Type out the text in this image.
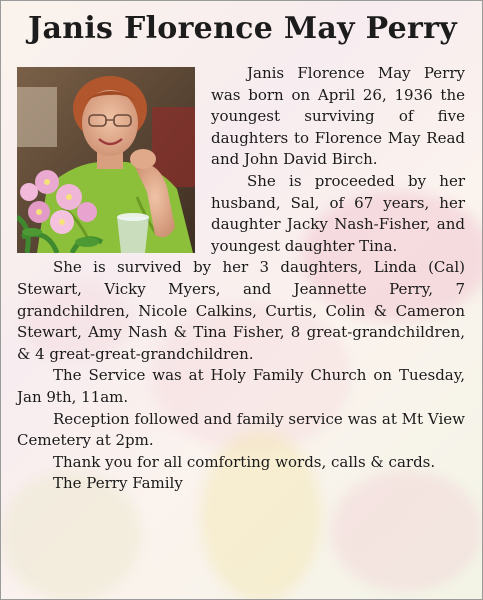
Janis Florence May Perry

Janis Florence May Perry was born on April 26, 1936 the youngest surviving of five daughters to Florence May Read and John David Birch.

She is proceeded by her husband, Sal, of 67 years, her daughter Jacky Nash-Fisher, and youngest daughter Tina.

She is survived by her 3 daughters, Linda (Cal) Stewart, Vicky Myers, and Jeannette Perry, 7 grandchildren, Nicole Calkins, Curtis, Colin & Cameron Stewart, Amy Nash & Tina Fisher, 8 great-grandchildren, & 4 great-great-grandchildren.

The Service was at Holy Family Church on Tuesday, Jan 9th, 11am.

Reception followed and family service was at Mt View Cemetery at 2pm.

Thank you for all comforting words, calls & cards.

The Perry Family
